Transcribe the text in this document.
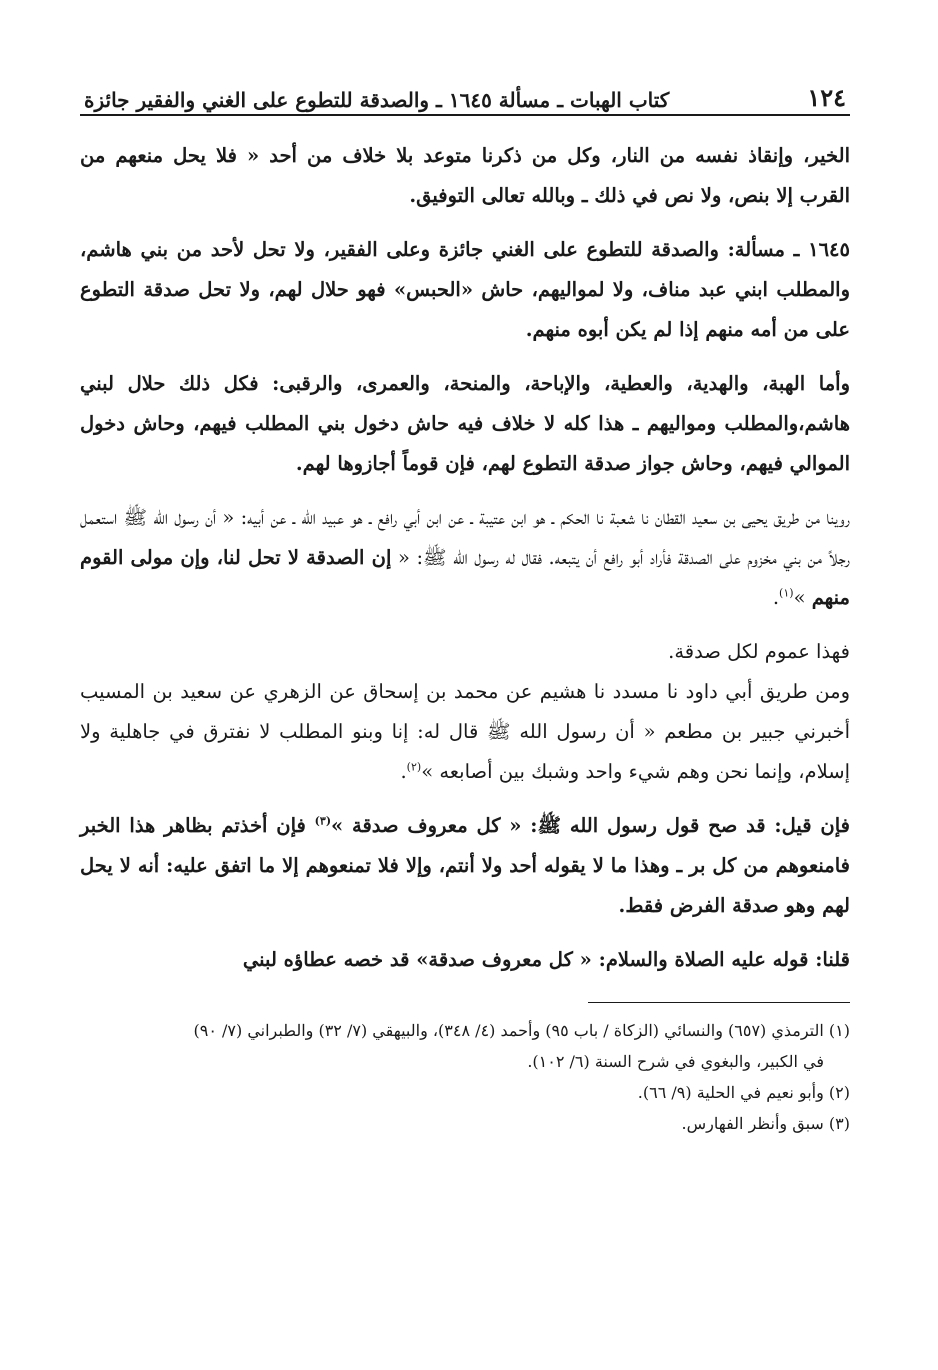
١٢٤
كتاب الهبات ـ مسألة ١٦٤٥ ـ والصدقة للتطوع على الغني والفقير جائزة

الخير، وإنقاذ نفسه من النار، وكل من ذكرنا متوعد بلا خلاف من أحد « فلا يحل منعهم من القرب إلا بنص، ولا نص في ذلك ـ وبالله تعالى التوفيق.

١٦٤٥ ـ مسألة: والصدقة للتطوع على الغني جائزة وعلى الفقير، ولا تحل لأحد من بني هاشم، والمطلب ابني عبد مناف، ولا لمواليهم، حاش «الحبس» فهو حلال لهم، ولا تحل صدقة التطوع على من أمه منهم إذا لم يكن أبوه منهم.

وأما الهبة، والهدية، والعطية، والإباحة، والمنحة، والعمرى، والرقبى: فكل ذلك حلال لبني هاشم،والمطلب ومواليهم ـ هذا كله لا خلاف فيه حاش دخول بني المطلب فيهم، وحاش دخول الموالي فيهم، وحاش جواز صدقة التطوع لهم، فإن قوماً أجازوها لهم.

روينا من طريق يحيى بن سعيد القطان نا شعبة نا الحكم ـ هو ابن عتيبة ـ عن ابن أبي رافع ـ هو عبيد الله ـ عن أبيه: « أن رسول الله ﷺ استعمل رجلاً من بني مخزوم على الصدقة فأراد أبو رافع أن يتبعه. فقال له رسول الله ﷺ: « إن الصدقة لا تحل لنا، وإن مولى القوم منهم »$^{(١)}$.

فهذا عموم لكل صدقة.

ومن طريق أبي داود نا مسدد نا هشيم عن محمد بن إسحاق عن الزهري عن سعيد بن المسيب أخبرني جبير بن مطعم « أن رسول الله ﷺ قال له: إنا وبنو المطلب لا نفترق في جاهلية ولا إسلام، وإنما نحن وهم شيء واحد وشبك بين أصابعه »$^{(٢)}$.

فإن قيل: قد صح قول رسول الله ﷺ: « كل معروف صدقة »$^{(٣)}$ فإن أخذتم بظاهر هذا الخبر فامنعوهم من كل بر ـ وهذا ما لا يقوله أحد ولا أنتم، وإلا فلا تمنعوهم إلا ما اتفق عليه: أنه لا يحل لهم وهو صدقة الفرض فقط.

قلنا: قوله عليه الصلاة والسلام: « كل معروف صدقة» قد خصه عطاؤه لبني

(١) الترمذي (٦٥٧) والنسائي (الزكاة / باب ٩٥) وأحمد (٤/ ٣٤٨)، والبيهقي (٧/ ٣٢) والطبراني (٧/ ٩٠)
في الكبير، والبغوي في شرح السنة (٦/ ١٠٢).

(٢) وأبو نعيم في الحلية (٩/ ٦٦).

(٣) سبق وأنظر الفهارس.
